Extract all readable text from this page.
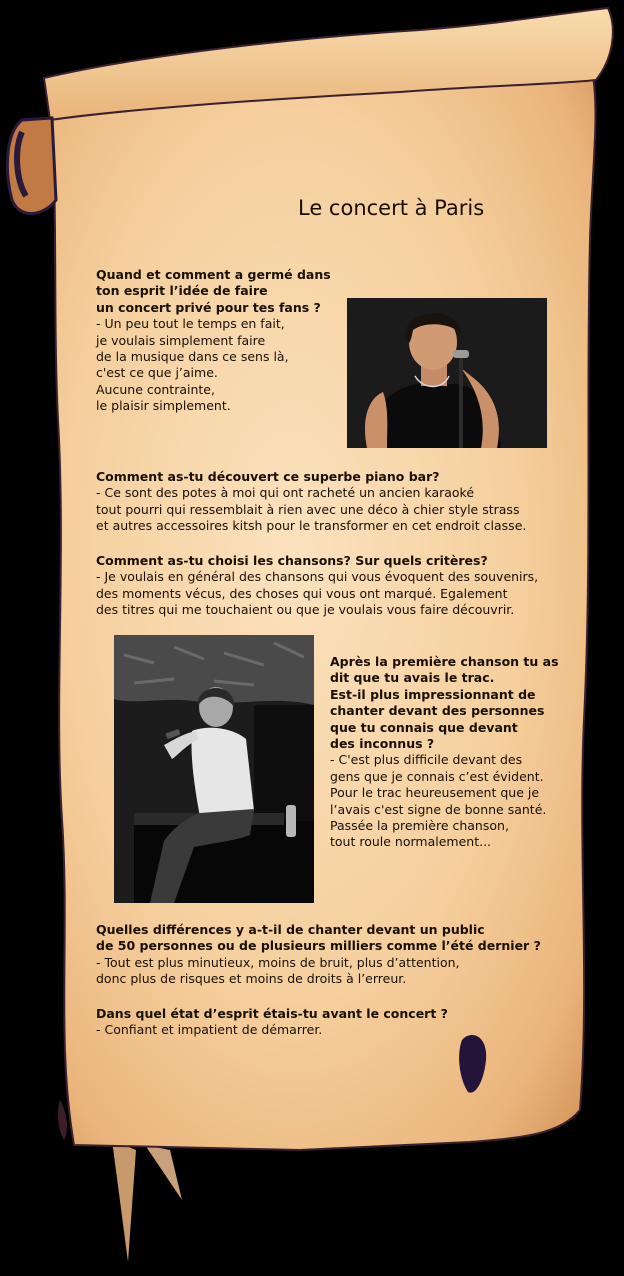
Le concert à Paris
Quand et comment a germé dans
ton esprit l’idée de faire
un concert privé pour tes fans ?
- Un peu tout le temps en fait,
je voulais simplement faire
de la musique dans ce sens là,
c'est ce que j’aime.
Aucune contrainte,
le plaisir simplement.
Comment as-tu découvert ce superbe piano bar?
- Ce sont des potes à moi qui ont racheté un ancien karaoké
tout pourri qui ressemblait à rien avec une déco à chier style strass
et autres accessoires kitsh pour le transformer en cet endroit classe.
Comment as-tu choisi les chansons? Sur quels critères?
- Je voulais en général des chansons qui vous évoquent des souvenirs,
des moments vécus, des choses qui vous ont marqué. Egalement
des titres qui me touchaient ou que je voulais vous faire découvrir.
Après la première chanson tu as
dit que tu avais le trac.
Est-il plus impressionnant de
chanter devant des personnes
que tu connais que devant
des inconnus ?
- C'est plus difficile devant des
gens que je connais c’est évident.
Pour le trac heureusement que je
l’avais c'est signe de bonne santé.
Passée la première chanson,
tout roule normalement...
Quelles différences y a-t-il de chanter devant un public
de 50 personnes ou de plusieurs milliers comme l’été dernier ?
- Tout est plus minutieux, moins de bruit, plus d’attention,
donc plus de risques et moins de droits à l’erreur.
Dans quel état d’esprit étais-tu avant le concert ?
- Confiant et impatient de démarrer.
